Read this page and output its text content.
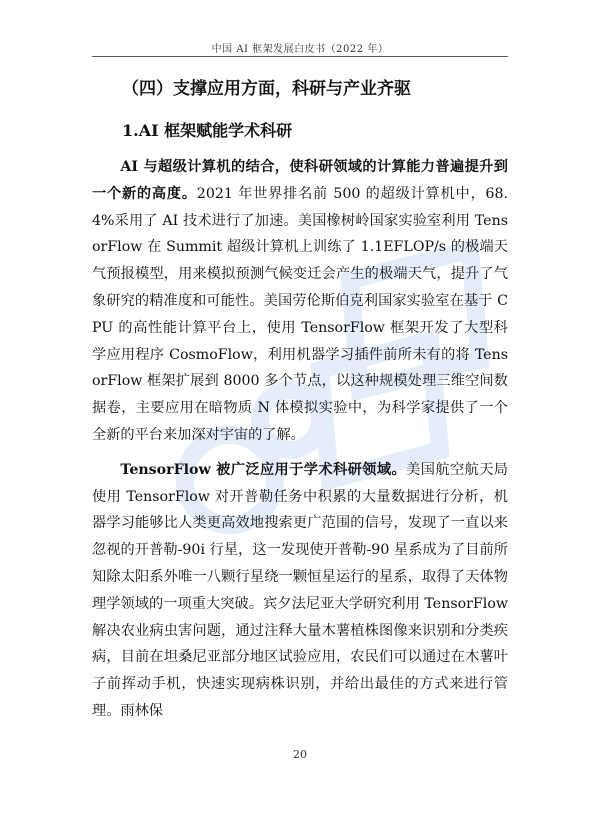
中国 AI 框架发展白皮书（2022 年）
（四）支撑应用方面，科研与产业齐驱
1.AI 框架赋能学术科研

AI 与超级计算机的结合，使科研领域的计算能力普遍提升到一个新的高度。2021 年世界排名前 500 的超级计算机中，68.4%采用了 AI 技术进行了加速。美国橡树岭国家实验室利用 TensorFlow 在 Summit 超级计算机上训练了 1.1EFLOP/s 的极端天气预报模型，用来模拟预测气候变迁会产生的极端天气，提升了气象研究的精准度和可能性。美国劳伦斯伯克利国家实验室在基于 CPU 的高性能计算平台上，使用 TensorFlow 框架开发了大型科学应用程序 CosmoFlow，利用机器学习插件前所未有的将 TensorFlow 框架扩展到 8000 多个节点，以这种规模处理三维空间数据卷，主要应用在暗物质 N 体模拟实验中，为科学家提供了一个全新的平台来加深对宇宙的了解。

TensorFlow 被广泛应用于学术科研领域。美国航空航天局使用 TensorFlow 对开普勒任务中积累的大量数据进行分析，机器学习能够比人类更高效地搜索更广范围的信号，发现了一直以来忽视的开普勒-90i 行星，这一发现使开普勒-90 星系成为了目前所知除太阳系外唯一八颗行星绕一颗恒星运行的星系，取得了天体物理学领域的一项重大突破。宾夕法尼亚大学研究利用 TensorFlow 解决农业病虫害问题，通过注释大量木薯植株图像来识别和分类疾病，目前在坦桑尼亚部分地区试验应用，农民们可以通过在木薯叶子前挥动手机，快速实现病株识别，并给出最佳的方式来进行管理。雨林保

20
